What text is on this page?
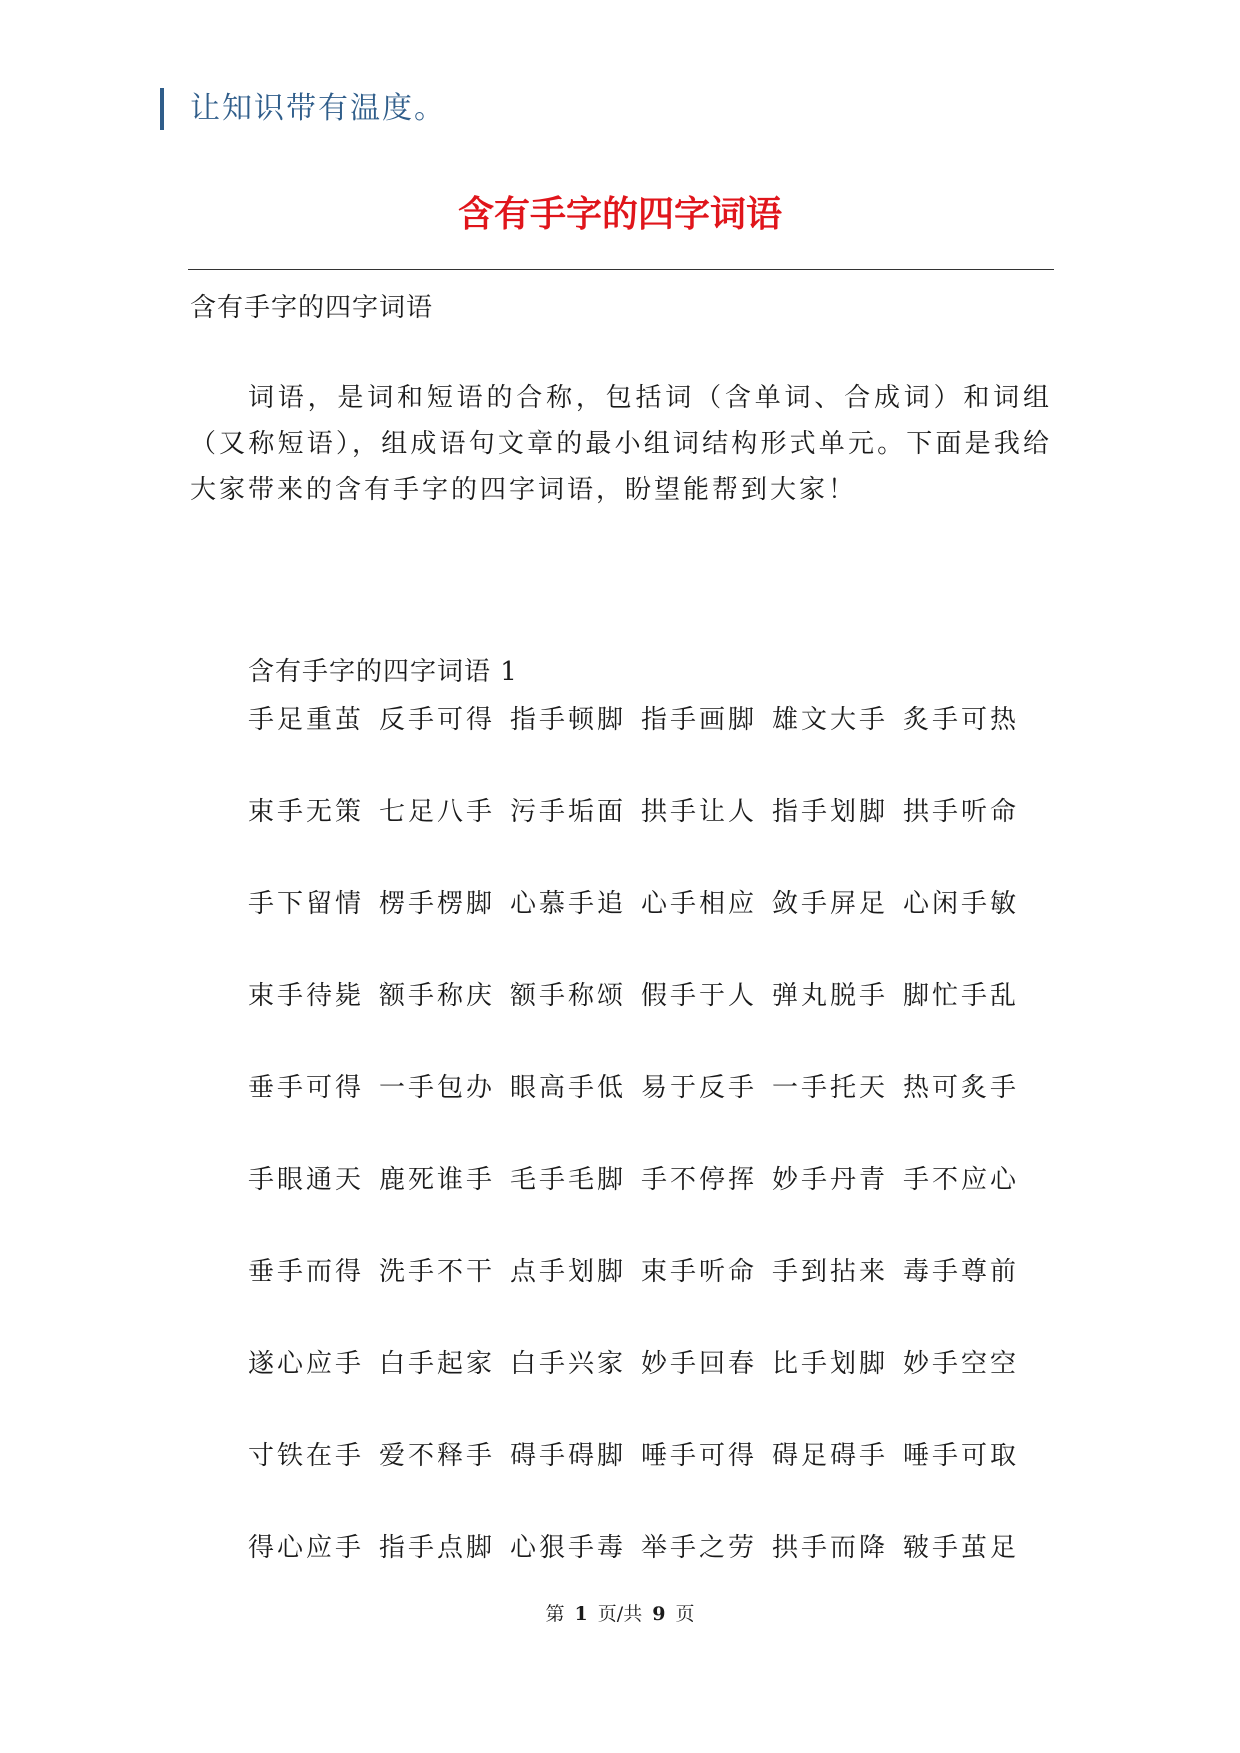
让知识带有温度。
含有手字的四字词语
含有手字的四字词语
词语，是词和短语的合称，包括词（含单词、合成词）和词组（又称短语），组成语句文章的最小组词结构形式单元。下面是我给大家带来的含有手字的四字词语，盼望能帮到大家！
含有手字的四字词语 1
手足重茧 反手可得 指手顿脚 指手画脚 雄文大手 炙手可热
束手无策 七足八手 污手垢面 拱手让人 指手划脚 拱手听命
手下留情 楞手楞脚 心慕手追 心手相应 敛手屏足 心闲手敏
束手待毙 额手称庆 额手称颂 假手于人 弹丸脱手 脚忙手乱
垂手可得 一手包办 眼高手低 易于反手 一手托天 热可炙手
手眼通天 鹿死谁手 毛手毛脚 手不停挥 妙手丹青 手不应心
垂手而得 洗手不干 点手划脚 束手听命 手到拈来 毒手尊前
遂心应手 白手起家 白手兴家 妙手回春 比手划脚 妙手空空
寸铁在手 爱不释手 碍手碍脚 唾手可得 碍足碍手 唾手可取
得心应手 指手点脚 心狠手毒 举手之劳 拱手而降 皲手茧足
第 1 页/共 9 页
